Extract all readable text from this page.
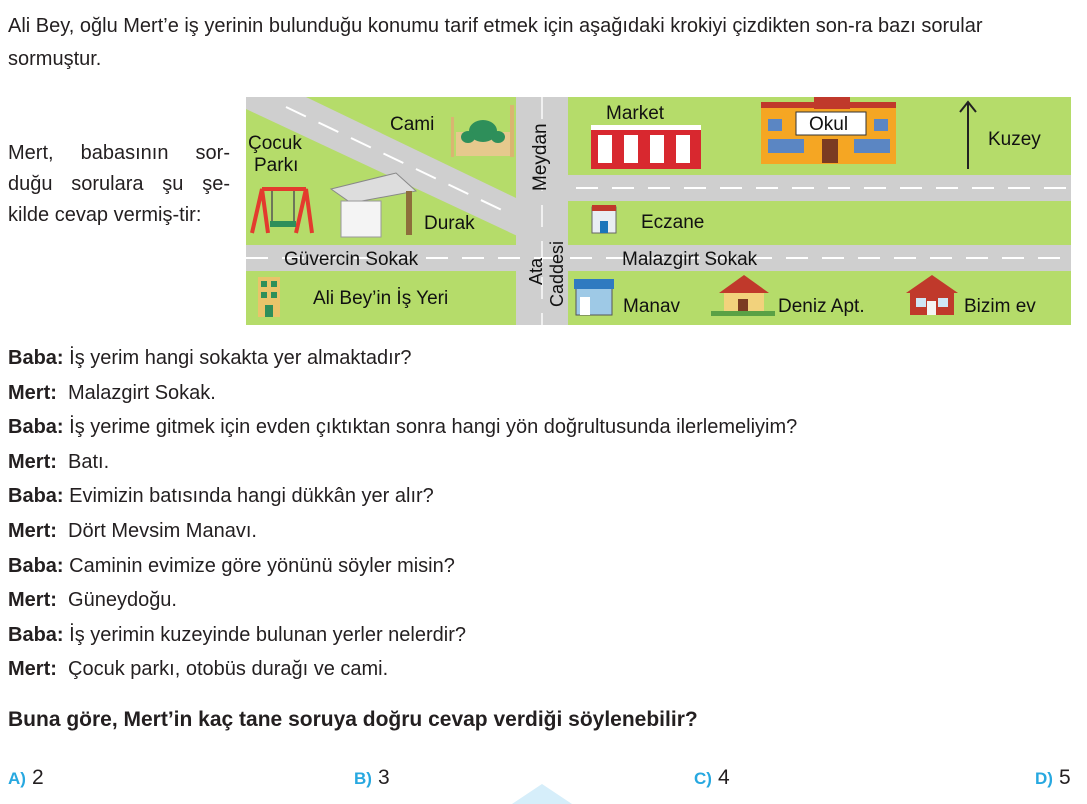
Ali Bey, oğlu Mert’e iş yerinin bulunduğu konumu tarif etmek için aşağıdaki krokiyi çizdikten son-ra bazı sorular sormuştur.
Mert, babasının sor-duğu sorulara şu şe-kilde cevap vermiş-tir:
Cami
Çocuk
Parkı
Durak
Meydan
Market
Okul
Kuzey
Eczane
Güvercin Sokak	Ata Caddesi	Malazgirt Sokak
Ali Bey’in İş Yeri	Manav	Deniz Apt.	Bizim ev
Baba: İş yerim hangi sokakta yer almaktadır?
Mert: Malazgirt Sokak.
Baba: İş yerime gitmek için evden çıktıktan sonra hangi yön doğrultusunda ilerlemeliyim?
Mert: Batı.
Baba: Evimizin batısında hangi dükkân yer alır?
Mert: Dört Mevsim Manavı.
Baba: Caminin evimize göre yönünü söyler misin?
Mert: Güneydoğu.
Baba: İş yerimin kuzeyinde bulunan yerler nelerdir?
Mert: Çocuk parkı, otobüs durağı ve cami.
Buna göre, Mert’in kaç tane soruya doğru cevap verdiği söylenebilir?
A) 2	B) 3	C) 4	D) 5
